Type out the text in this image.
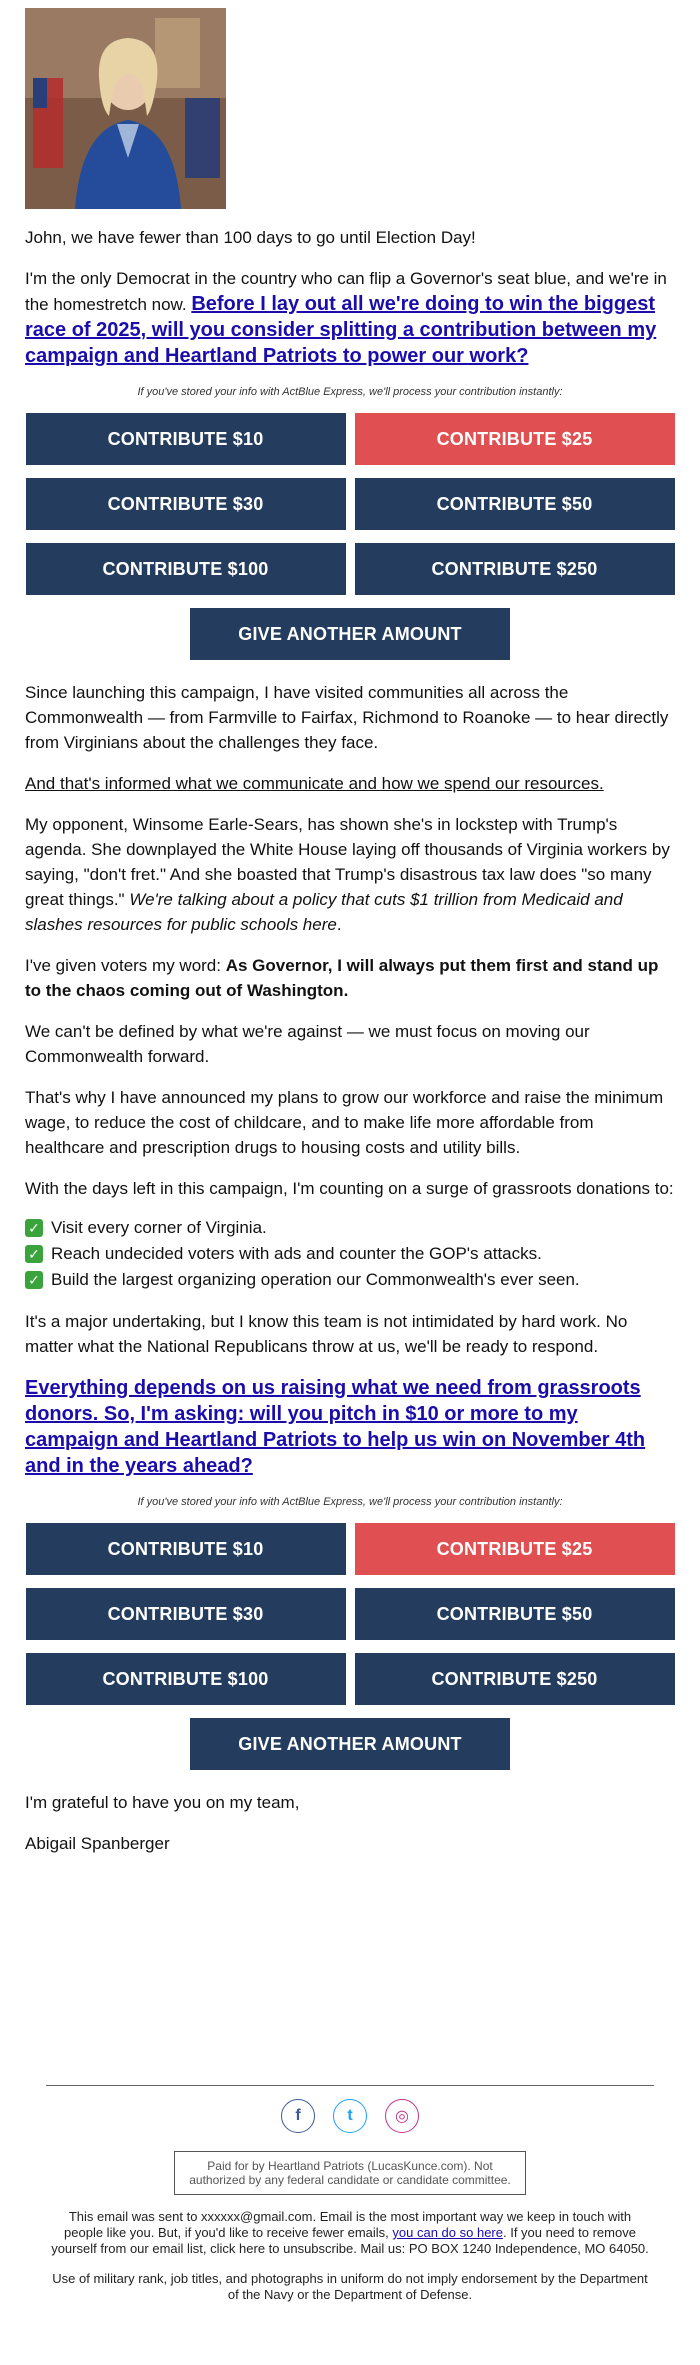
John, we have fewer than 100 days to go until Election Day!

I'm the only Democrat in the country who can flip a Governor's seat blue, and we're in the homestretch now. Before I lay out all we're doing to win the biggest race of 2025, will you consider splitting a contribution between my campaign and Heartland Patriots to power our work?

If you've stored your info with ActBlue Express, we'll process your contribution instantly:
CONTRIBUTE $10	CONTRIBUTE $25
CONTRIBUTE $30	CONTRIBUTE $50
CONTRIBUTE $100	CONTRIBUTE $250
GIVE ANOTHER AMOUNT

Since launching this campaign, I have visited communities all across the Commonwealth — from Farmville to Fairfax, Richmond to Roanoke — to hear directly from Virginians about the challenges they face.

And that's informed what we communicate and how we spend our resources.

My opponent, Winsome Earle-Sears, has shown she's in lockstep with Trump's agenda. She downplayed the White House laying off thousands of Virginia workers by saying, "don't fret." And she boasted that Trump's disastrous tax law does "so many great things." We're talking about a policy that cuts $1 trillion from Medicaid and slashes resources for public schools here.

I've given voters my word: As Governor, I will always put them first and stand up to the chaos coming out of Washington.

We can't be defined by what we're against — we must focus on moving our Commonwealth forward.

That's why I have announced my plans to grow our workforce and raise the minimum wage, to reduce the cost of childcare, and to make life more affordable from healthcare and prescription drugs to housing costs and utility bills.

With the days left in this campaign, I'm counting on a surge of grassroots donations to:

✓ Visit every corner of Virginia.
✓ Reach undecided voters with ads and counter the GOP's attacks.
✓ Build the largest organizing operation our Commonwealth's ever seen.

It's a major undertaking, but I know this team is not intimidated by hard work. No matter what the National Republicans throw at us, we'll be ready to respond.

Everything depends on us raising what we need from grassroots donors. So, I'm asking: will you pitch in $10 or more to my campaign and Heartland Patriots to help us win on November 4th and in the years ahead?

If you've stored your info with ActBlue Express, we'll process your contribution instantly:
CONTRIBUTE $10	CONTRIBUTE $25
CONTRIBUTE $30	CONTRIBUTE $50
CONTRIBUTE $100	CONTRIBUTE $250
GIVE ANOTHER AMOUNT

I'm grateful to have you on my team,

Abigail Spanberger

f	t	◎
Paid for by Heartland Patriots (LucasKunce.com). Not authorized by any federal candidate or candidate committee.
This email was sent to xxxxxx@gmail.com. Email is the most important way we keep in touch with people like you. But, if you'd like to receive fewer emails, you can do so here. If you need to remove yourself from our email list, click here to unsubscribe. Mail us: PO BOX 1240 Independence, MO 64050.
Use of military rank, job titles, and photographs in uniform do not imply endorsement by the Department of the Navy or the Department of Defense.
